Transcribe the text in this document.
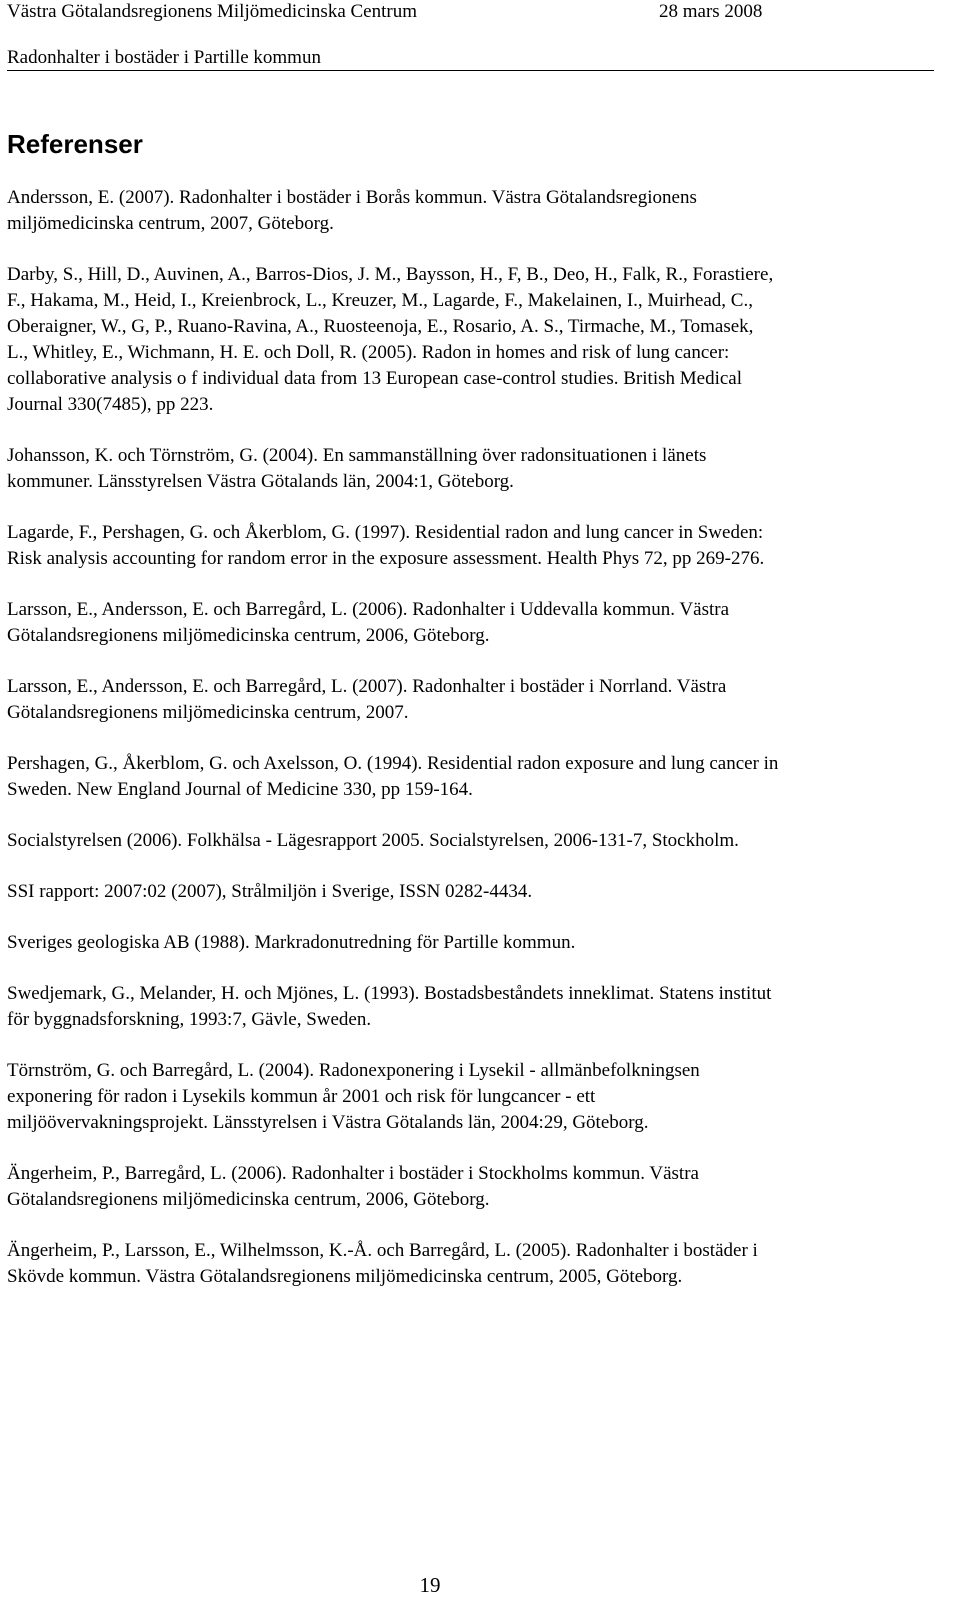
Västra Götalandsregionens Miljömedicinska Centrum	28 mars 2008
Radonhalter i bostäder i Partille kommun
Referenser
Andersson, E. (2007). Radonhalter i bostäder i Borås kommun. Västra Götalandsregionens
miljömedicinska centrum, 2007, Göteborg.
Darby, S., Hill, D., Auvinen, A., Barros-Dios, J. M., Baysson, H., F, B., Deo, H., Falk, R., Forastiere,
F., Hakama, M., Heid, I., Kreienbrock, L., Kreuzer, M., Lagarde, F., Makelainen, I., Muirhead, C.,
Oberaigner, W., G, P., Ruano-Ravina, A., Ruosteenoja, E., Rosario, A. S., Tirmache, M., Tomasek,
L., Whitley, E., Wichmann, H. E. och Doll, R. (2005). Radon in homes and risk of lung cancer:
collaborative analysis o f individual data from 13 European case-control studies. British Medical
Journal 330(7485), pp 223.
Johansson, K. och Törnström, G. (2004). En sammanställning över radonsituationen i länets
kommuner. Länsstyrelsen Västra Götalands län, 2004:1, Göteborg.
Lagarde, F., Pershagen, G. och Åkerblom, G. (1997). Residential radon and lung cancer in Sweden:
Risk analysis accounting for random error in the exposure assessment. Health Phys 72, pp 269-276.
Larsson, E., Andersson, E. och Barregård, L. (2006). Radonhalter i Uddevalla kommun. Västra
Götalandsregionens miljömedicinska centrum, 2006, Göteborg.
Larsson, E., Andersson, E. och Barregård, L. (2007). Radonhalter i bostäder i Norrland. Västra
Götalandsregionens miljömedicinska centrum, 2007.
Pershagen, G., Åkerblom, G. och Axelsson, O. (1994). Residential radon exposure and lung cancer in
Sweden. New England Journal of Medicine 330, pp 159-164.
Socialstyrelsen (2006). Folkhälsa - Lägesrapport 2005. Socialstyrelsen, 2006-131-7, Stockholm.
SSI rapport: 2007:02 (2007), Strålmiljön i Sverige, ISSN 0282-4434.
Sveriges geologiska AB (1988). Markradonutredning för Partille kommun.
Swedjemark, G., Melander, H. och Mjönes, L. (1993). Bostadsbeståndets inneklimat. Statens institut
för byggnadsforskning, 1993:7, Gävle, Sweden.
Törnström, G. och Barregård, L. (2004). Radonexponering i Lysekil - allmänbefolkningsen
exponering för radon i Lysekils kommun år 2001 och risk för lungcancer - ett
miljöövervakningsprojekt. Länsstyrelsen i Västra Götalands län, 2004:29, Göteborg.
Ängerheim, P., Barregård, L. (2006). Radonhalter i bostäder i Stockholms kommun. Västra
Götalandsregionens miljömedicinska centrum, 2006, Göteborg.
Ängerheim, P., Larsson, E., Wilhelmsson, K.-Å. och Barregård, L. (2005). Radonhalter i bostäder i
Skövde kommun. Västra Götalandsregionens miljömedicinska centrum, 2005, Göteborg.
19
